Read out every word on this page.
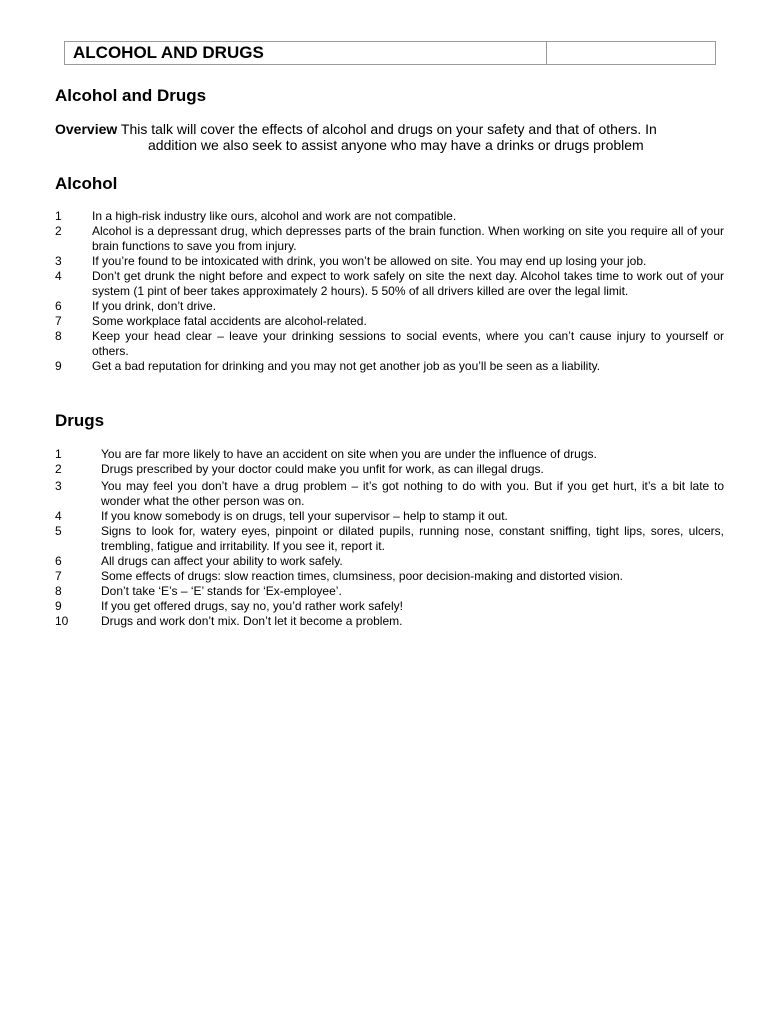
ALCOHOL AND DRUGS
Alcohol and Drugs
Overview This talk will cover the effects of alcohol and drugs on your safety and that of others. In
addition we also seek to assist anyone who may have a drinks or drugs problem
Alcohol
1	In a high-risk industry like ours, alcohol and work are not compatible.
2	Alcohol is a depressant drug, which depresses parts of the brain function. When working on site you require all of your brain functions to save you from injury.
3	If you’re found to be intoxicated with drink, you won’t be allowed on site. You may end up losing your job.
4	Don’t get drunk the night before and expect to work safely on site the next day. Alcohol takes time to work out of your system (1 pint of beer takes approximately 2 hours). 5 50% of all drivers killed are over the legal limit.
6	If you drink, don’t drive.
7	Some workplace fatal accidents are alcohol-related.
8	Keep your head clear – leave your drinking sessions to social events, where you can’t cause injury to yourself or others.
9	Get a bad reputation for drinking and you may not get another job as you’ll be seen as a liability.
Drugs
1	You are far more likely to have an accident on site when you are under the influence of drugs.
2	Drugs prescribed by your doctor could make you unfit for work, as can illegal drugs.
3	You may feel you don’t have a drug problem – it’s got nothing to do with you. But if you get hurt, it’s a bit late to wonder what the other person was on.
4	If you know somebody is on drugs, tell your supervisor – help to stamp it out.
5	Signs to look for, watery eyes, pinpoint or dilated pupils, running nose, constant sniffing, tight lips, sores, ulcers, trembling, fatigue and irritability. If you see it, report it.
6	All drugs can affect your ability to work safely.
7	Some effects of drugs: slow reaction times, clumsiness, poor decision-making and distorted vision.
8	Don’t take ‘E’s – ‘E’ stands for ‘Ex-employee’.
9	If you get offered drugs, say no, you’d rather work safely!
10	Drugs and work don’t mix. Don’t let it become a problem.
